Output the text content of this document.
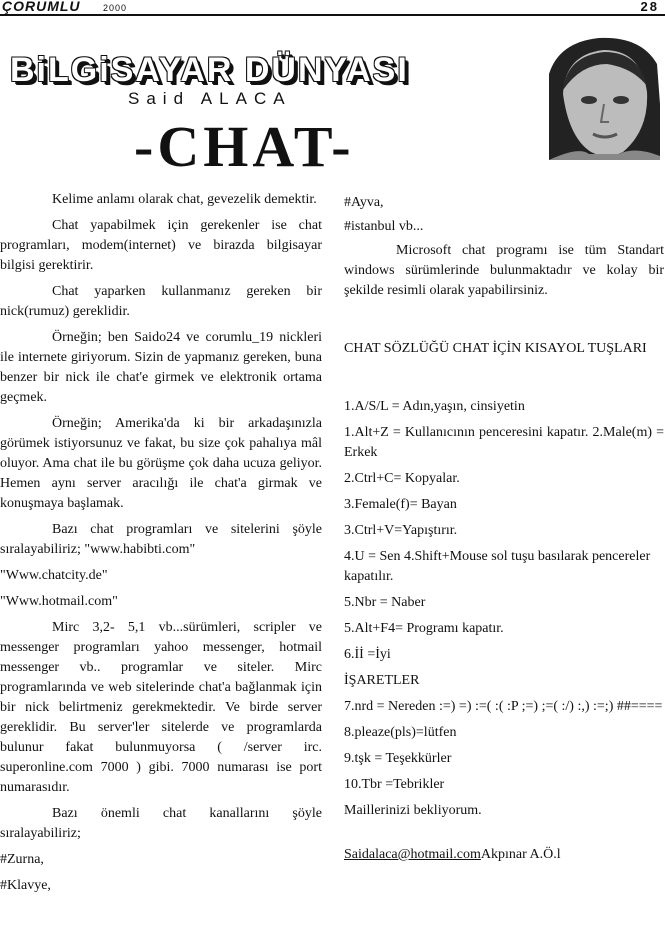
ÇORUMLU 2000	28
BiLGiSAYAR DÜNYASI
Said ALACA
-CHAT-

Kelime anlamı olarak chat, gevezelik demektir.

Chat yapabilmek için gerekenler ise chat programları, modem(internet) ve birazda bilgisayar bilgisi gerektirir.

Chat yaparken kullanmanız gereken bir nick(rumuz) gereklidir.

Örneğin; ben Saido24 ve corumlu_19 nickleri ile internete giriyorum. Sizin de yapmanız gereken, buna benzer bir nick ile chat'e girmek ve elektronik ortama geçmek.

Örneğin; Amerika'da ki bir arkadaşınızla görümek istiyorsunuz ve fakat, bu size çok pahalıya mâl oluyor. Ama chat ile bu görüşme çok daha ucuza geliyor. Hemen aynı server aracılığı ile chat'a girmak ve konuşmaya başlamak.

Bazı chat programları ve sitelerini şöyle sıralayabiliriz; "www.habibti.com"

"Www.chatcity.de"

"Www.hotmail.com"

Mirc 3,2- 5,1 vb...sürümleri, scripler ve messenger programları yahoo messenger, hotmail messenger vb.. programlar ve siteler. Mirc programlarında ve web sitelerinde chat'a bağlanmak için bir nick belirtmeniz gerekmektedir. Ve birde server gereklidir. Bu server'ler sitelerde ve programlarda bulunur fakat bulunmuyorsa ( /server irc. superonline.com 7000 ) gibi. 7000 numarası ise port numarasıdır.

Bazı önemli chat kanallarını şöyle sıralayabiliriz;

#Zurna,

#Klavye,

#Ayva,

#istanbul vb...

Microsoft chat programı ise tüm Standart windows sürümlerinde bulunmaktadır ve kolay bir şekilde resimli olarak yapabilirsiniz.

CHAT SÖZLÜĞÜ CHAT İÇİN KISAYOL TUŞLARI

1.A/S/L = Adın,yaşın, cinsiyetin

1.Alt+Z = Kullanıcının penceresini kapatır. 2.Male(m) = Erkek

2.Ctrl+C= Kopyalar.

3.Female(f)= Bayan

3.Ctrl+V=Yapıştırır.

4.U = Sen 4.Shift+Mouse sol tuşu basılarak pencereler kapatılır.

5.Nbr = Naber

5.Alt+F4= Programı kapatır.

6.İİ =İyi

İŞARETLER

7.nrd = Nereden :=) =) :=( :( :P ;=) ;=( :/) :,) :=;) ##====

8.pleaze(pls)=lütfen

9.tşk = Teşekkürler

10.Tbr =Tebrikler

Maillerinizi bekliyorum.

Saidalaca@hotmail.comAkpınar A.Ö.l
